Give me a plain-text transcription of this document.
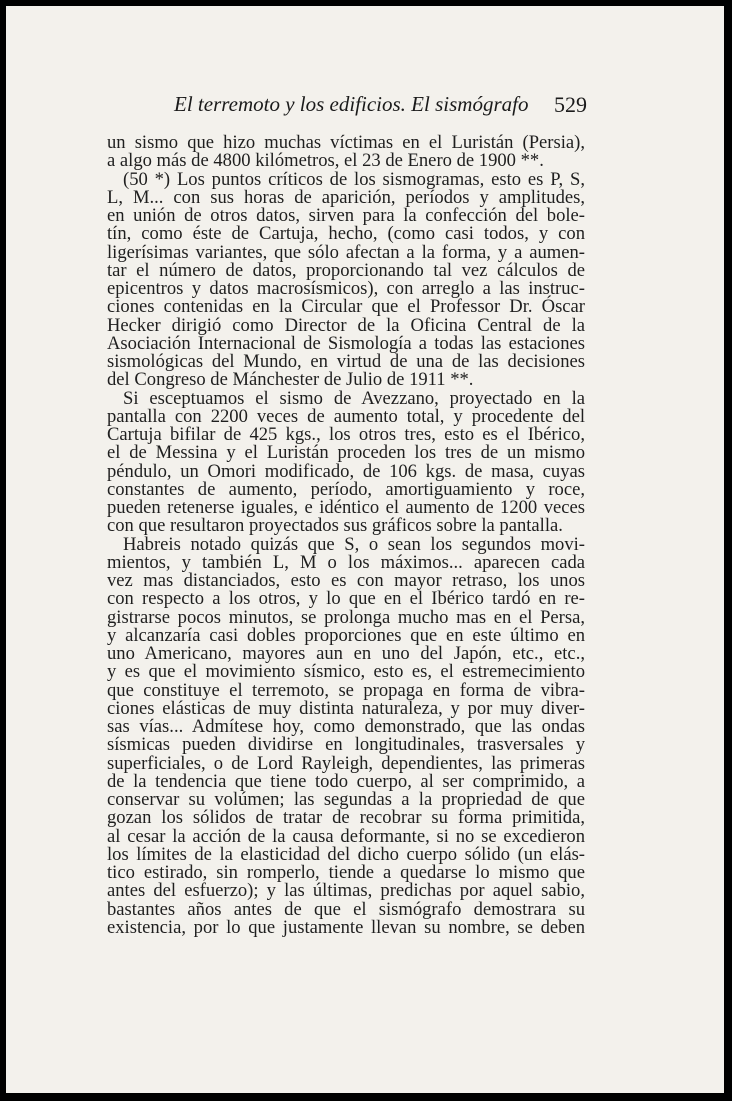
El terremoto y los edificios. El sismógrafo 529
un sismo que hizo muchas víctimas en el Luristán (Persia),
a algo más de 4800 kilómetros, el 23 de Enero de 1900 **.
(50 *) Los puntos críticos de los sismogramas, esto es P, S,
L, M... con sus horas de aparición, períodos y amplitudes,
en unión de otros datos, sirven para la confección del bole-
tín, como éste de Cartuja, hecho, (como casi todos, y con
ligerísimas variantes, que sólo afectan a la forma, y a aumen-
tar el número de datos, proporcionando tal vez cálculos de
epicentros y datos macrosísmicos), con arreglo a las instruc-
ciones contenidas en la Circular que el Professor Dr. Óscar
Hecker dirigió como Director de la Oficina Central de la
Asociación Internacional de Sismología a todas las estaciones
sismológicas del Mundo, en virtud de una de las decisiones
del Congreso de Mánchester de Julio de 1911 **.
Si esceptuamos el sismo de Avezzano, proyectado en la
pantalla con 2200 veces de aumento total, y procedente del
Cartuja bifilar de 425 kgs., los otros tres, esto es el Ibérico,
el de Messina y el Luristán proceden los tres de un mismo
péndulo, un Omori modificado, de 106 kgs. de masa, cuyas
constantes de aumento, período, amortiguamiento y roce,
pueden retenerse iguales, e idéntico el aumento de 1200 veces
con que resultaron proyectados sus gráficos sobre la pantalla.
Habreis notado quizás que S, o sean los segundos movi-
mientos, y también L, M o los máximos... aparecen cada
vez mas distanciados, esto es con mayor retraso, los unos
con respecto a los otros, y lo que en el Ibérico tardó en re-
gistrarse pocos minutos, se prolonga mucho mas en el Persa,
y alcanzaría casi dobles proporciones que en este último en
uno Americano, mayores aun en uno del Japón, etc., etc.,
y es que el movimiento sísmico, esto es, el estremecimiento
que constituye el terremoto, se propaga en forma de vibra-
ciones elásticas de muy distinta naturaleza, y por muy diver-
sas vías... Admítese hoy, como demonstrado, que las ondas
sísmicas pueden dividirse en longitudinales, trasversales y
superficiales, o de Lord Rayleigh, dependientes, las primeras
de la tendencia que tiene todo cuerpo, al ser comprimido, a
conservar su volúmen; las segundas a la propriedad de que
gozan los sólidos de tratar de recobrar su forma primitida,
al cesar la acción de la causa deformante, si no se excedieron
los límites de la elasticidad del dicho cuerpo sólido (un elás-
tico estirado, sin romperlo, tiende a quedarse lo mismo que
antes del esfuerzo); y las últimas, predichas por aquel sabio,
bastantes años antes de que el sismógrafo demostrara su
existencia, por lo que justamente llevan su nombre, se deben
